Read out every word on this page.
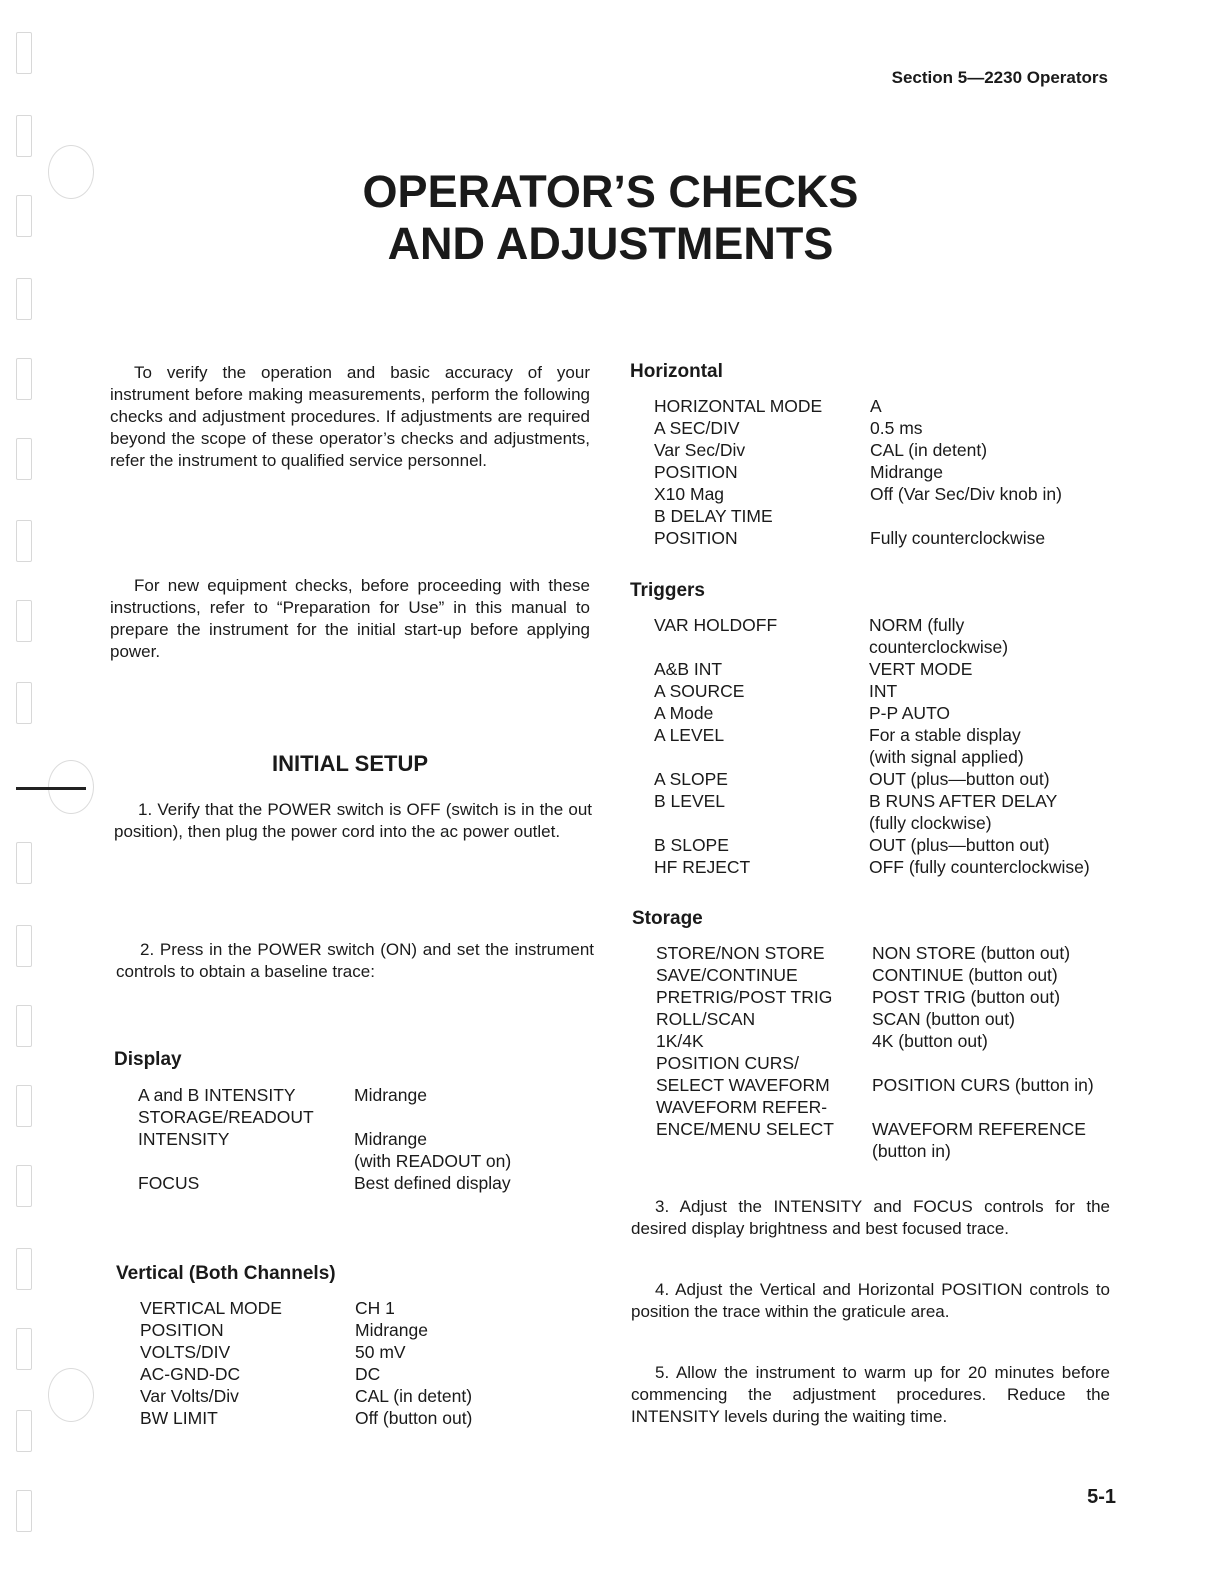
Section 5—2230 Operators
OPERATOR’S CHECKS
AND ADJUSTMENTS

To verify the operation and basic accuracy of your instrument before making measurements, perform the following checks and adjustment procedures. If adjustments are required beyond the scope of these operator’s checks and adjustments, refer the instrument to qualified service personnel.

For new equipment checks, before proceeding with these instructions, refer to “Preparation for Use” in this manual to prepare the instrument for the initial start-up before applying power.

INITIAL SETUP

1. Verify that the POWER switch is OFF (switch is in the out position), then plug the power cord into the ac power outlet.

2. Press in the POWER switch (ON) and set the instrument controls to obtain a baseline trace:

Display
A and B INTENSITY	Midrange
STORAGE/READOUT
INTENSITY	Midrange
(with READOUT on)
FOCUS	Best defined display
Vertical (Both Channels)
VERTICAL MODE	CH 1
POSITION	Midrange
VOLTS/DIV	50 mV
AC-GND-DC	DC
Var Volts/Div	CAL (in detent)
BW LIMIT	Off (button out)
Horizontal
HORIZONTAL MODE	A
A SEC/DIV	0.5 ms
Var Sec/Div	CAL (in detent)
POSITION	Midrange
X10 Mag	Off (Var Sec/Div knob in)
B DELAY TIME
POSITION	Fully counterclockwise
Triggers
VAR HOLDOFF	NORM (fully
counterclockwise)
A&B INT	VERT MODE
A SOURCE	INT
A Mode	P-P AUTO
A LEVEL	For a stable display
(with signal applied)
A SLOPE	OUT (plus—button out)
B LEVEL	B RUNS AFTER DELAY
(fully clockwise)
B SLOPE	OUT (plus—button out)
HF REJECT	OFF (fully counterclockwise)
Storage
STORE/NON STORE	NON STORE (button out)
SAVE/CONTINUE	CONTINUE (button out)
PRETRIG/POST TRIG	POST TRIG (button out)
ROLL/SCAN	SCAN (button out)
1K/4K	4K (button out)
POSITION CURS/
SELECT WAVEFORM	POSITION CURS (button in)
WAVEFORM REFER-
ENCE/MENU SELECT	WAVEFORM REFERENCE
(button in)

3. Adjust the INTENSITY and FOCUS controls for the desired display brightness and best focused trace.

4. Adjust the Vertical and Horizontal POSITION controls to position the trace within the graticule area.

5. Allow the instrument to warm up for 20 minutes before commencing the adjustment procedures. Reduce the INTENSITY levels during the waiting time.

5-1
